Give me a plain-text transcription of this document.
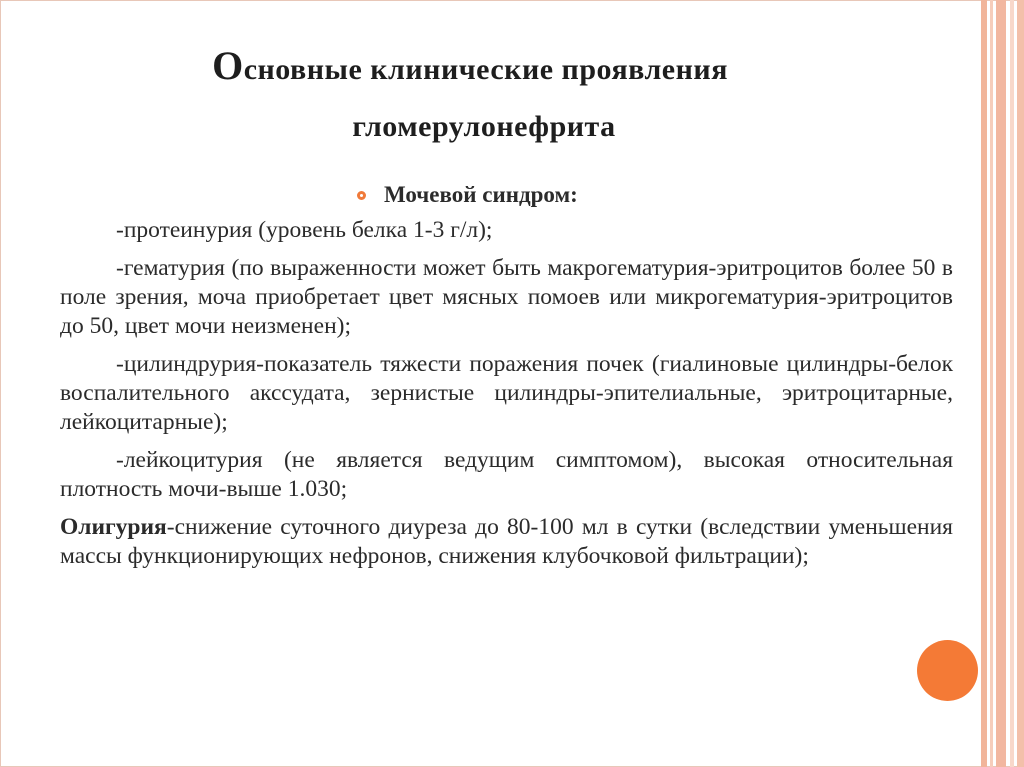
Основные клинические проявления
гломерулонефрита
Мочевой синдром:

-протеинурия (уровень белка 1-3 г/л);

-гематурия (по выраженности может быть макрогематурия-эритроцитов более 50 в поле зрения, моча приобретает цвет мясных помоев или микрогематурия-эритроцитов до 50, цвет мочи неизменен);

-цилиндрурия-показатель тяжести поражения почек (гиалиновые цилиндры-белок воспалительного акссудата, зернистые цилиндры-эпителиальные, эритроцитарные, лейкоцитарные);

-лейкоцитурия (не является ведущим симптомом), высокая относительная плотность мочи-выше 1.030;

Олигурия-снижение суточного диуреза до 80-100 мл в сутки (вследствии уменьшения массы функционирующих нефронов, снижения клубочковой фильтрации);
